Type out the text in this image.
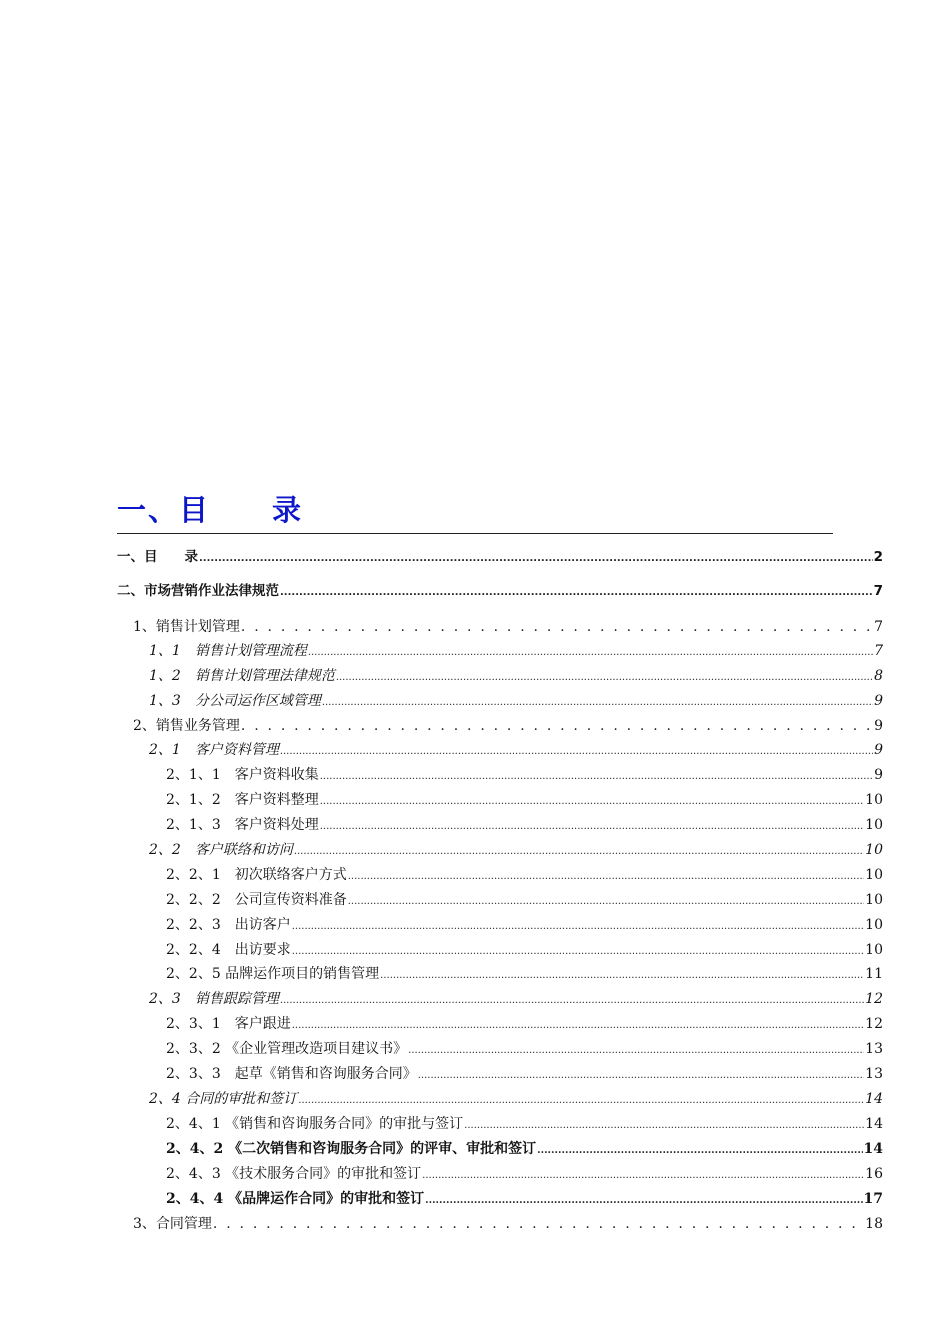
一、目　　录
一、目　　录 .....	2
二、市场营销作业法律规范 .....	7
1、销售计划管理 . . .	7
1、1　销售计划管理流程 .....	7
1、2　销售计划管理法律规范 .....	8
1、3　分公司运作区域管理 .....	9
2、销售业务管理 . . .	9
2、1　客户资料管理 .....	9
2、1、1　客户资料收集 .....	9
2、1、2　客户资料整理 .....	10
2、1、3　客户资料处理 .....	10
2、2　客户联络和访问 .....	10
2、2、1　初次联络客户方式 .....	10
2、2、2　公司宣传资料准备 .....	10
2、2、3　出访客户 .....	10
2、2、4　出访要求 .....	10
2、2、5 品牌运作项目的销售管理 .....	11
2、3　销售跟踪管理 .....	12
2、3、1　客户跟进 .....	12
2、3、2 《企业管理改造项目建议书》 .....	13
2、3、3　起草《销售和咨询服务合同》 .....	13
2、4 合同的审批和签订 .....	14
2、4、1 《销售和咨询服务合同》的审批与签订 .....	14
2、4、2 《二次销售和咨询服务合同》的评审、审批和签订 .....	14
2、4、3 《技术服务合同》的审批和签订 .....	16
2、4、4 《品牌运作合同》的审批和签订 .....	17
3、合同管理 . . .	18
